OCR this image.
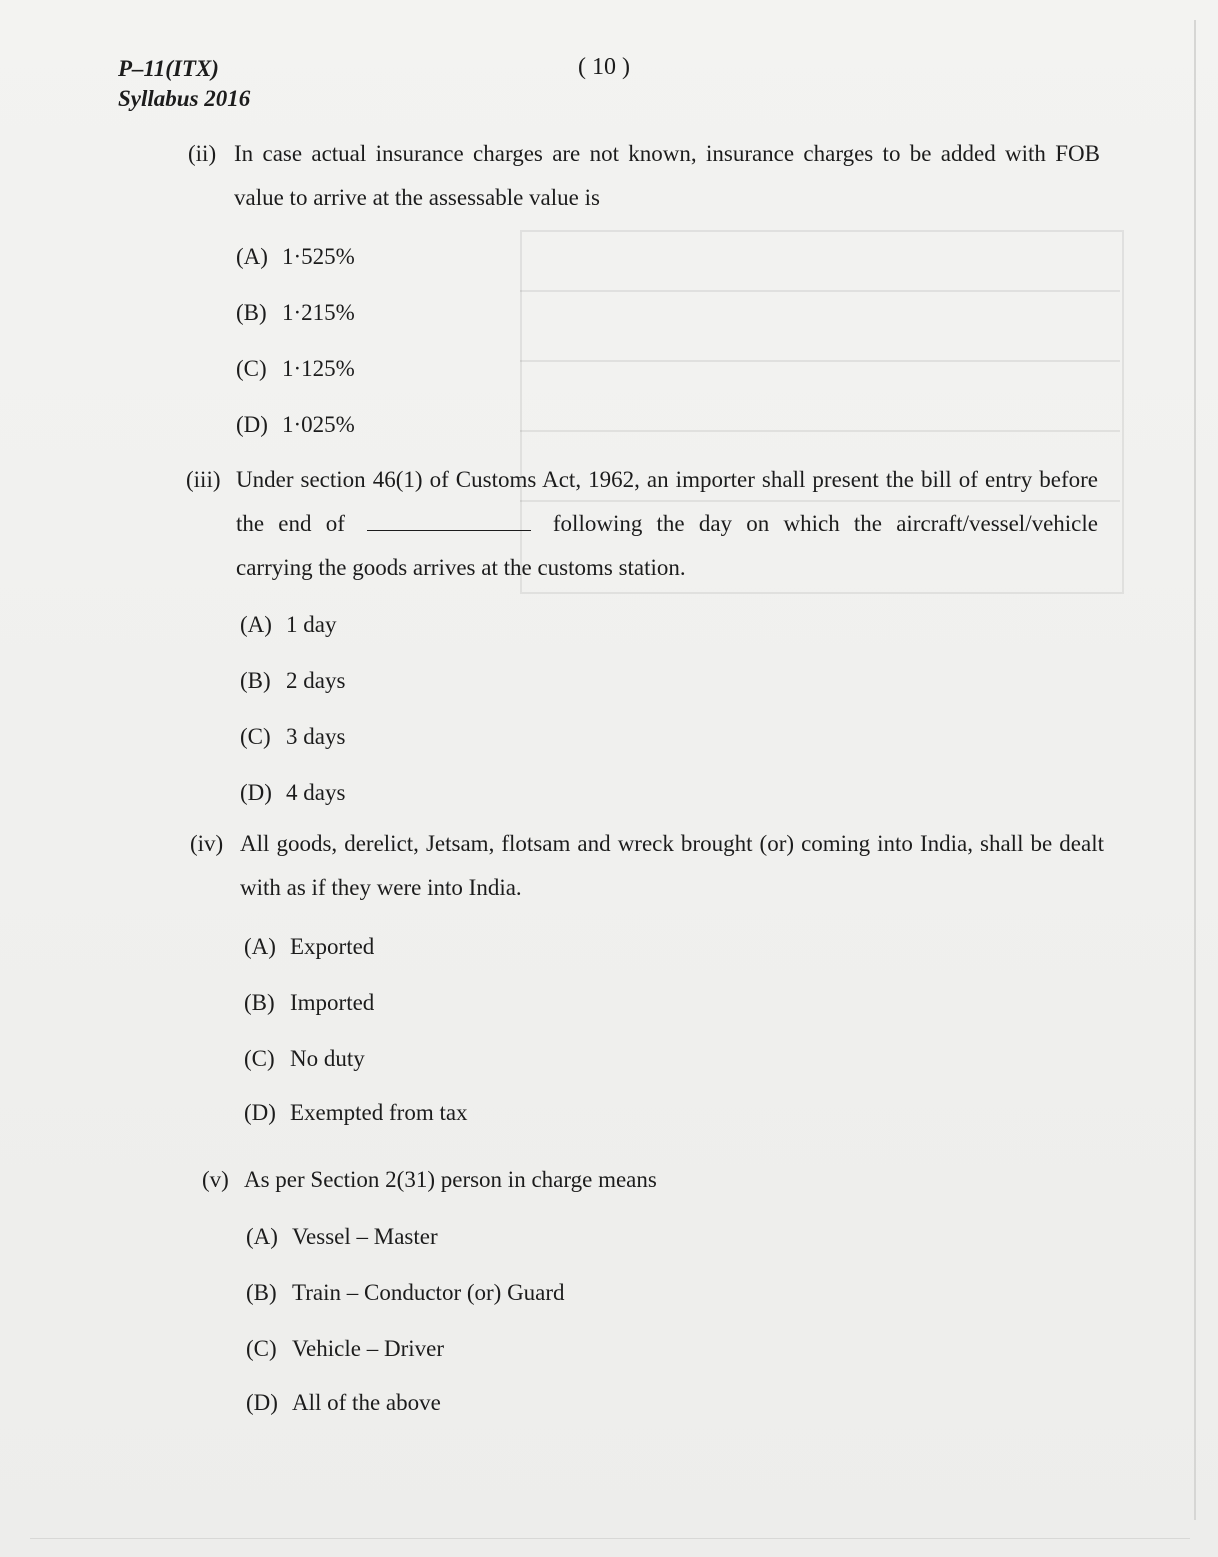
P–11(ITX)
Syllabus 2016
( 10 )
(ii) In case actual insurance charges are not known, insurance charges to be added with FOB value to arrive at the assessable value is
(A) 1·525%
(B) 1·215%
(C) 1·125%
(D) 1·025%
(iii) Under section 46(1) of Customs Act, 1962, an importer shall present the bill of entry before the end of	following the day on which the aircraft/vessel/vehicle carrying the goods arrives at the customs station.
(A) 1 day
(B) 2 days
(C) 3 days
(D) 4 days
(iv) All goods, derelict, Jetsam, flotsam and wreck brought (or) coming into India, shall be dealt with as if they were into India.
(A) Exported
(B) Imported
(C) No duty
(D) Exempted from tax
(v) As per Section 2(31) person in charge means
(A) Vessel – Master
(B) Train – Conductor (or) Guard
(C) Vehicle – Driver
(D) All of the above
